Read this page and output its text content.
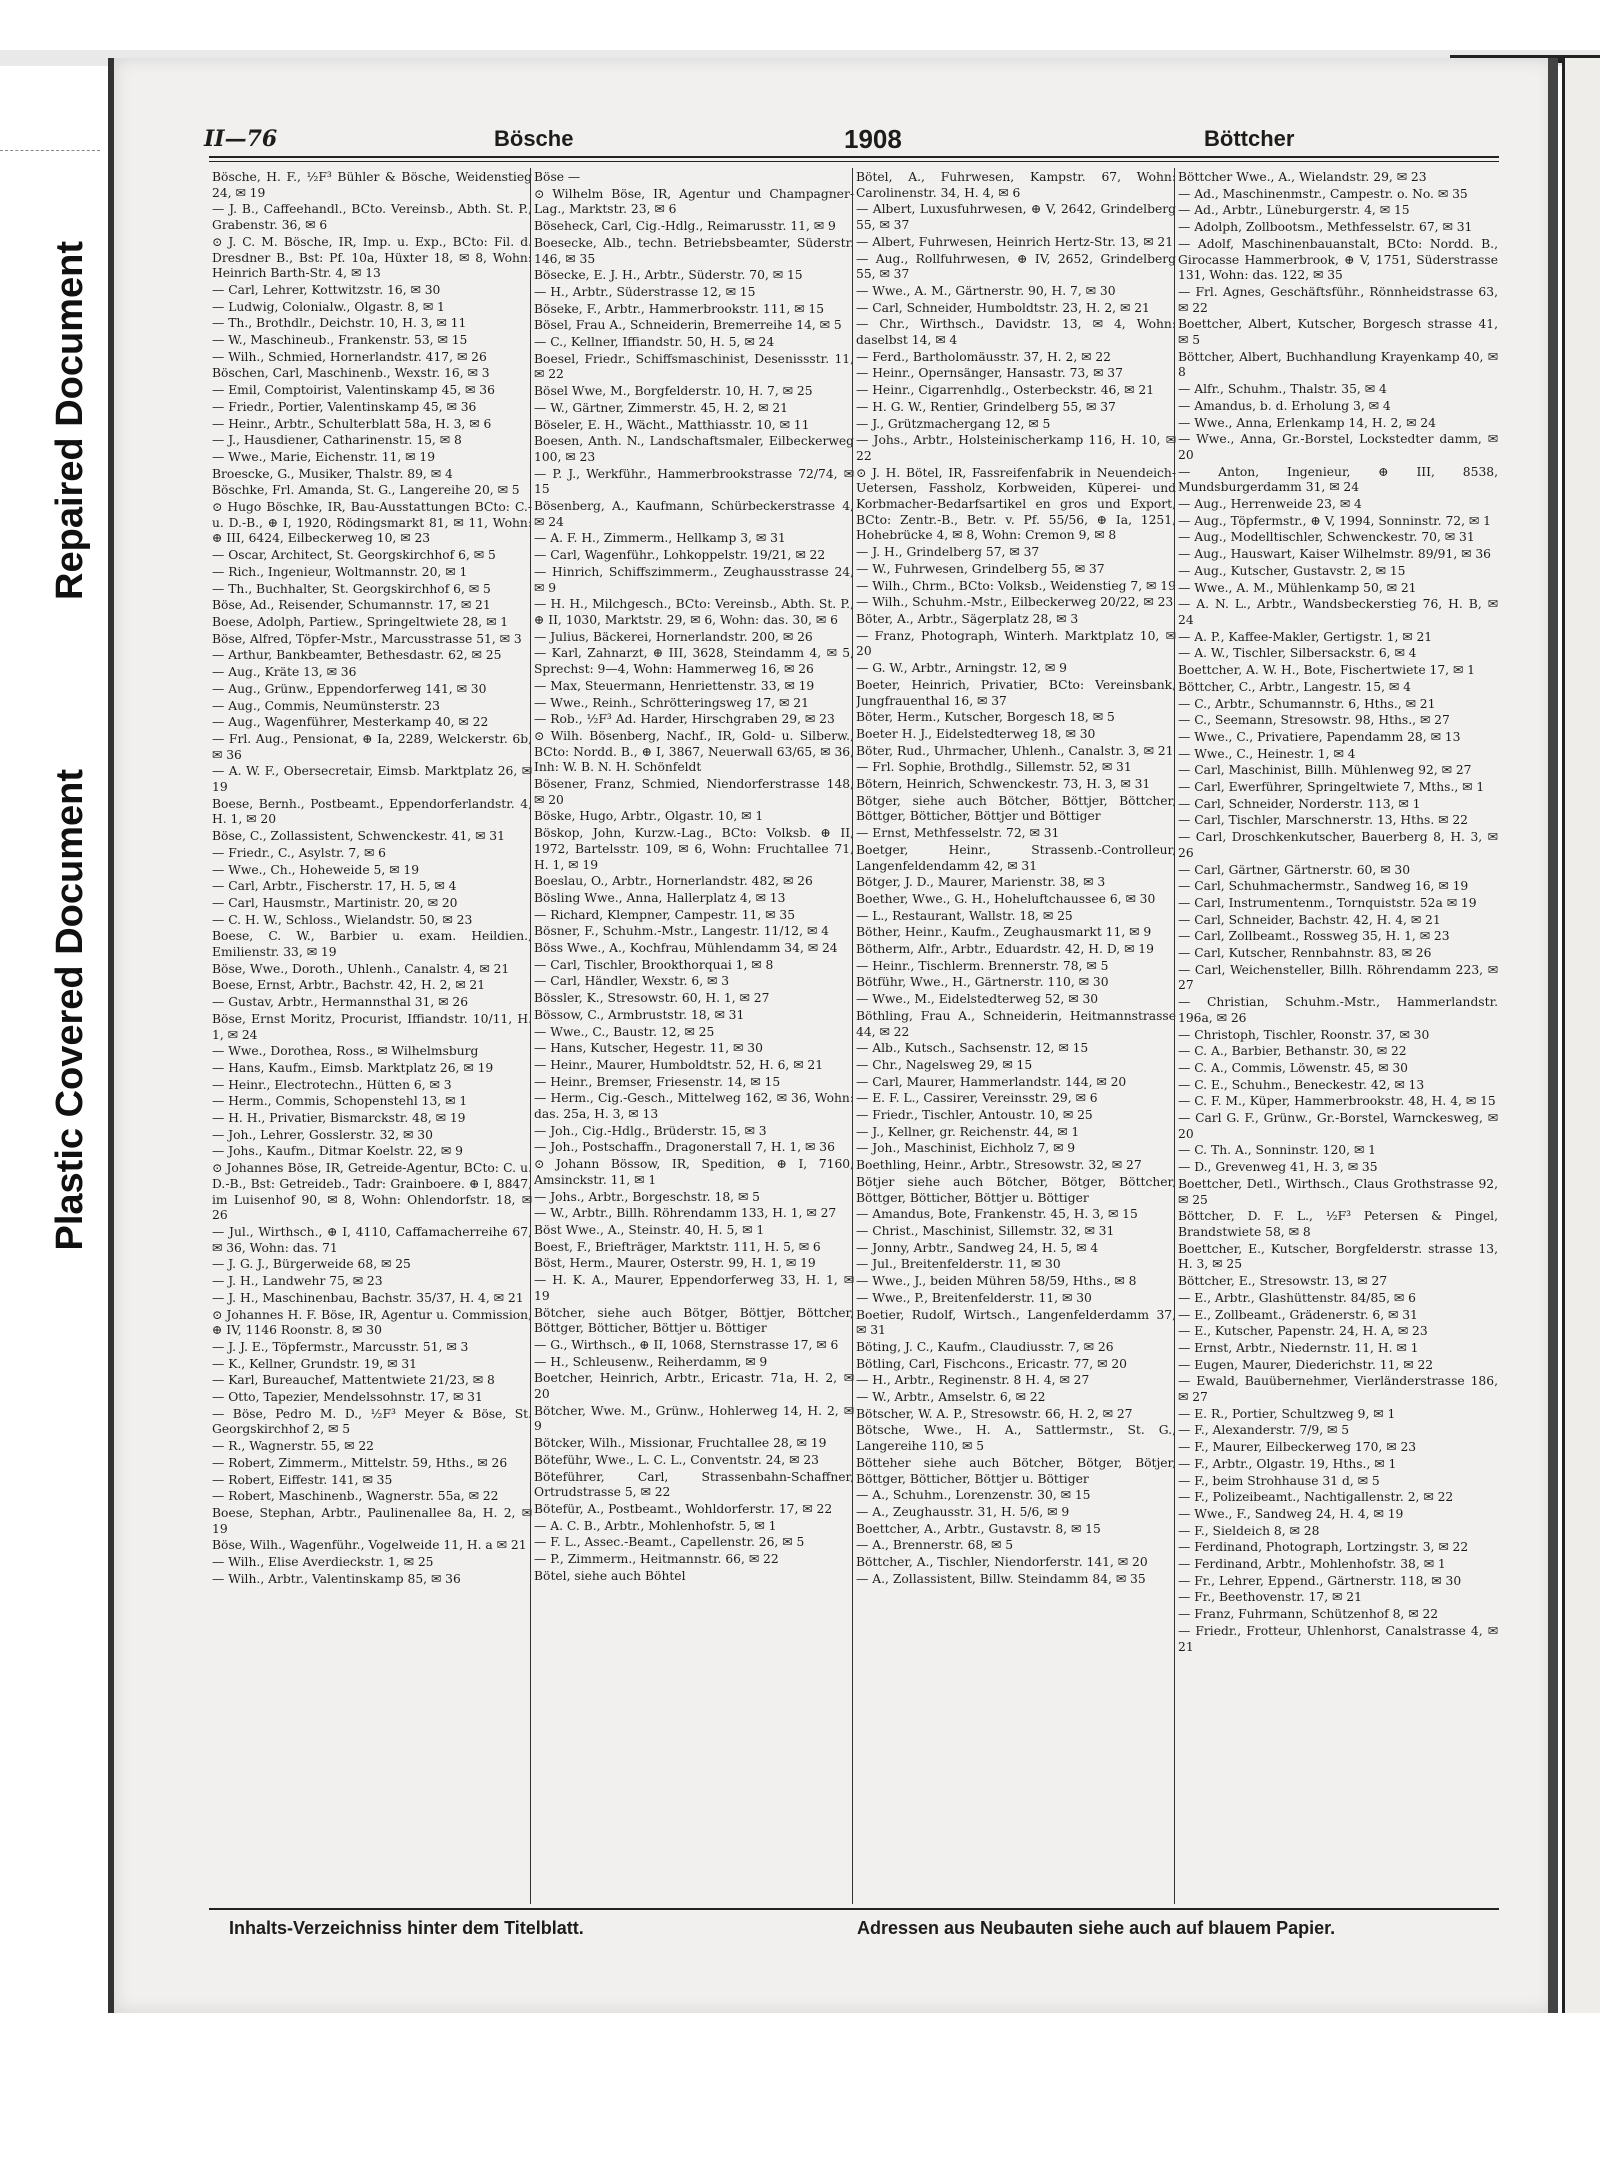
Repaired Document
Plastic Covered Document
II—76	Bösche	1908	Böttcher

Bösche, H. F., ½F³ Bühler & Bösche, Weidenstieg 24, ✉ 19

— J. B., Caffeehandl., BCto. Vereinsb., Abth. St. P., Grabenstr. 36, ✉ 6

⊙ J. C. M. Bösche, IR, Imp. u. Exp., BCto: Fil. d. Dresdner B., Bst: Pf. 10a, Hüxter 18, ✉ 8, Wohn: Heinrich Barth-Str. 4, ✉ 13

— Carl, Lehrer, Kottwitzstr. 16, ✉ 30

— Ludwig, Colonialw., Olgastr. 8, ✉ 1

— Th., Brothdlr., Deichstr. 10, H. 3, ✉ 11

— W., Maschineub., Frankenstr. 53, ✉ 15

— Wilh., Schmied, Hornerlandstr. 417, ✉ 26

Böschen, Carl, Maschinenb., Wexstr. 16, ✉ 3

— Emil, Comptoirist, Valentinskamp 45, ✉ 36

— Friedr., Portier, Valentinskamp 45, ✉ 36

— Heinr., Arbtr., Schulterblatt 58a, H. 3, ✉ 6

— J., Hausdiener, Catharinenstr. 15, ✉ 8

— Wwe., Marie, Eichenstr. 11, ✉ 19

Broescke, G., Musiker, Thalstr. 89, ✉ 4

Böschke, Frl. Amanda, St. G., Langereihe 20, ✉ 5

⊙ Hugo Böschke, IR, Bau-Ausstattungen BCto: C.-u. D.-B., ⊕ I, 1920, Rödingsmarkt 81, ✉ 11, Wohn: ⊕ III, 6424, Eilbeckerweg 10, ✉ 23

— Oscar, Architect, St. Georgskirchhof 6, ✉ 5

— Rich., Ingenieur, Woltmannstr. 20, ✉ 1

— Th., Buchhalter, St. Georgskirchhof 6, ✉ 5

Böse, Ad., Reisender, Schumannstr. 17, ✉ 21

Boese, Adolph, Partiew., Springeltwiete 28, ✉ 1

Böse, Alfred, Töpfer-Mstr., Marcusstrasse 51, ✉ 3

— Arthur, Bankbeamter, Bethesdastr. 62, ✉ 25

— Aug., Kräte 13, ✉ 36

— Aug., Grünw., Eppendorferweg 141, ✉ 30

— Aug., Commis, Neumünsterstr. 23

— Aug., Wagenführer, Mesterkamp 40, ✉ 22

— Frl. Aug., Pensionat, ⊕ Ia, 2289, Welckerstr. 6b, ✉ 36

— A. W. F., Obersecretair, Eimsb. Marktplatz 26, ✉ 19

Boese, Bernh., Postbeamt., Eppendorferlandstr. 4, H. 1, ✉ 20

Böse, C., Zollassistent, Schwenckestr. 41, ✉ 31

— Friedr., C., Asylstr. 7, ✉ 6

— Wwe., Ch., Hoheweide 5, ✉ 19

— Carl, Arbtr., Fischerstr. 17, H. 5, ✉ 4

— Carl, Hausmstr., Martinistr. 20, ✉ 20

— C. H. W., Schloss., Wielandstr. 50, ✉ 23

Boese, C. W., Barbier u. exam. Heildien., Emilienstr. 33, ✉ 19

Böse, Wwe., Doroth., Uhlenh., Canalstr. 4, ✉ 21

Boese, Ernst, Arbtr., Bachstr. 42, H. 2, ✉ 21

— Gustav, Arbtr., Hermannsthal 31, ✉ 26

Böse, Ernst Moritz, Procurist, Iffiandstr. 10/11, H. 1, ✉ 24

— Wwe., Dorothea, Ross., ✉ Wilhelmsburg

— Hans, Kaufm., Eimsb. Marktplatz 26, ✉ 19

— Heinr., Electrotechn., Hütten 6, ✉ 3

— Herm., Commis, Schopenstehl 13, ✉ 1

— H. H., Privatier, Bismarckstr. 48, ✉ 19

— Joh., Lehrer, Gosslerstr. 32, ✉ 30

— Johs., Kaufm., Ditmar Koelstr. 22, ✉ 9

⊙ Johannes Böse, IR, Getreide-Agentur, BCto: C. u. D.-B., Bst: Getreideb., Tadr: Grainboere. ⊕ I, 8847, im Luisenhof 90, ✉ 8, Wohn: Ohlendorfstr. 18, ✉ 26

— Jul., Wirthsch., ⊕ I, 4110, Caffamacherreihe 67, ✉ 36, Wohn: das. 71

— J. G. J., Bürgerweide 68, ✉ 25

— J. H., Landwehr 75, ✉ 23

— J. H., Maschinenbau, Bachstr. 35/37, H. 4, ✉ 21

⊙ Johannes H. F. Böse, IR, Agentur u. Commission, ⊕ IV, 1146 Roonstr. 8, ✉ 30

— J. J. E., Töpfermstr., Marcusstr. 51, ✉ 3

— K., Kellner, Grundstr. 19, ✉ 31

— Karl, Bureauchef, Mattentwiete 21/23, ✉ 8

— Otto, Tapezier, Mendelssohnstr. 17, ✉ 31

— Böse, Pedro M. D., ½F³ Meyer & Böse, St. Georgskirchhof 2, ✉ 5

— R., Wagnerstr. 55, ✉ 22

— Robert, Zimmerm., Mittelstr. 59, Hths., ✉ 26

— Robert, Eiffestr. 141, ✉ 35

— Robert, Maschinenb., Wagnerstr. 55a, ✉ 22

Boese, Stephan, Arbtr., Paulinenallee 8a, H. 2, ✉ 19

Böse, Wilh., Wagenführ., Vogelweide 11, H. a ✉ 21

— Wilh., Elise Averdieckstr. 1, ✉ 25

— Wilh., Arbtr., Valentinskamp 85, ✉ 36

Böse —

⊙ Wilhelm Böse, IR, Agentur und Champagner-Lag., Marktstr. 23, ✉ 6

Böseheck, Carl, Cig.-Hdlg., Reimarusstr. 11, ✉ 9

Boesecke, Alb., techn. Betriebsbeamter, Süderstr. 146, ✉ 35

Bösecke, E. J. H., Arbtr., Süderstr. 70, ✉ 15

— H., Arbtr., Süderstrasse 12, ✉ 15

Böseke, F., Arbtr., Hammerbrookstr. 111, ✉ 15

Bösel, Frau A., Schneiderin, Bremerreihe 14, ✉ 5

— C., Kellner, Iffiandstr. 50, H. 5, ✉ 24

Boesel, Friedr., Schiffsmaschinist, Desenissstr. 11, ✉ 22

Bösel Wwe, M., Borgfelderstr. 10, H. 7, ✉ 25

— W., Gärtner, Zimmerstr. 45, H. 2, ✉ 21

Böseler, E. H., Wächt., Matthiasstr. 10, ✉ 11

Boesen, Anth. N., Landschaftsmaler, Eilbeckerweg 100, ✉ 23

— P. J., Werkführ., Hammerbrookstrasse 72/74, ✉ 15

Bösenberg, A., Kaufmann, Schürbeckerstrasse 4, ✉ 24

— A. F. H., Zimmerm., Hellkamp 3, ✉ 31

— Carl, Wagenführ., Lohkoppelstr. 19/21, ✉ 22

— Hinrich, Schiffszimmerm., Zeughausstrasse 24, ✉ 9

— H. H., Milchgesch., BCto: Vereinsb., Abth. St. P., ⊕ II, 1030, Marktstr. 29, ✉ 6, Wohn: das. 30, ✉ 6

— Julius, Bäckerei, Hornerlandstr. 200, ✉ 26

— Karl, Zahnarzt, ⊕ III, 3628, Steindamm 4, ✉ 5, Sprechst: 9—4, Wohn: Hammerweg 16, ✉ 26

— Max, Steuermann, Henriettenstr. 33, ✉ 19

— Wwe., Reinh., Schrötteringsweg 17, ✉ 21

— Rob., ½F³ Ad. Harder, Hirschgraben 29, ✉ 23

⊙ Wilh. Bösenberg, Nachf., IR, Gold- u. Silberw., BCto: Nordd. B., ⊕ I, 3867, Neuerwall 63/65, ✉ 36, Inh: W. B. N. H. Schönfeldt

Bösener, Franz, Schmied, Niendorferstrasse 148, ✉ 20

Böske, Hugo, Arbtr., Olgastr. 10, ✉ 1

Böskop, John, Kurzw.-Lag., BCto: Volksb. ⊕ II, 1972, Bartelsstr. 109, ✉ 6, Wohn: Fruchtallee 71, H. 1, ✉ 19

Boeslau, O., Arbtr., Hornerlandstr. 482, ✉ 26

Bösling Wwe., Anna, Hallerplatz 4, ✉ 13

— Richard, Klempner, Campestr. 11, ✉ 35

Bösner, F., Schuhm.-Mstr., Langestr. 11/12, ✉ 4

Böss Wwe., A., Kochfrau, Mühlendamm 34, ✉ 24

— Carl, Tischler, Brookthorquai 1, ✉ 8

— Carl, Händler, Wexstr. 6, ✉ 3

Bössler, K., Stresowstr. 60, H. 1, ✉ 27

Bössow, C., Armbruststr. 18, ✉ 31

— Wwe., C., Baustr. 12, ✉ 25

— Hans, Kutscher, Hegestr. 11, ✉ 30

— Heinr., Maurer, Humboldtstr. 52, H. 6, ✉ 21

— Heinr., Bremser, Friesenstr. 14, ✉ 15

— Herm., Cig.-Gesch., Mittelweg 162, ✉ 36, Wohn: das. 25a, H. 3, ✉ 13

— Joh., Cig.-Hdlg., Brüderstr. 15, ✉ 3

— Joh., Postschaffn., Dragonerstall 7, H. 1, ✉ 36

⊙ Johann Bössow, IR, Spedition, ⊕ I, 7160, Amsinckstr. 11, ✉ 1

— Johs., Arbtr., Borgeschstr. 18, ✉ 5

— W., Arbtr., Billh. Röhrendamm 133, H. 1, ✉ 27

Böst Wwe., A., Steinstr. 40, H. 5, ✉ 1

Boest, F., Briefträger, Marktstr. 111, H. 5, ✉ 6

Böst, Herm., Maurer, Osterstr. 99, H. 1, ✉ 19

— H. K. A., Maurer, Eppendorferweg 33, H. 1, ✉ 19

Bötcher, siehe auch Bötger, Böttjer, Böttcher, Böttger, Bötticher, Böttjer u. Böttiger

— G., Wirthsch., ⊕ II, 1068, Sternstrasse 17, ✉ 6

— H., Schleusenw., Reiherdamm, ✉ 9

Boetcher, Heinrich, Arbtr., Ericastr. 71a, H. 2, ✉ 20

Bötcher, Wwe. M., Grünw., Hohlerweg 14, H. 2, ✉ 9

Bötcker, Wilh., Missionar, Fruchtallee 28, ✉ 19

Böteführ, Wwe., L. C. L., Conventstr. 24, ✉ 23

Böteführer, Carl, Strassenbahn-Schaffner, Ortrudstrasse 5, ✉ 22

Bötefür, A., Postbeamt., Wohldorferstr. 17, ✉ 22

— A. C. B., Arbtr., Mohlenhofstr. 5, ✉ 1

— F. L., Assec.-Beamt., Capellenstr. 26, ✉ 5

— P., Zimmerm., Heitmannstr. 66, ✉ 22

Bötel, siehe auch Böhtel

Bötel, A., Fuhrwesen, Kampstr. 67, Wohn: Carolinenstr. 34, H. 4, ✉ 6

— Albert, Luxusfuhrwesen, ⊕ V, 2642, Grindelberg 55, ✉ 37

— Albert, Fuhrwesen, Heinrich Hertz-Str. 13, ✉ 21

— Aug., Rollfuhrwesen, ⊕ IV, 2652, Grindelberg 55, ✉ 37

— Wwe., A. M., Gärtnerstr. 90, H. 7, ✉ 30

— Carl, Schneider, Humboldtstr. 23, H. 2, ✉ 21

— Chr., Wirthsch., Davidstr. 13, ✉ 4, Wohn: daselbst 14, ✉ 4

— Ferd., Bartholomäusstr. 37, H. 2, ✉ 22

— Heinr., Opernsänger, Hansastr. 73, ✉ 37

— Heinr., Cigarrenhdlg., Osterbeckstr. 46, ✉ 21

— H. G. W., Rentier, Grindelberg 55, ✉ 37

— J., Grützmachergang 12, ✉ 5

— Johs., Arbtr., Holsteinischerkamp 116, H. 10, ✉ 22

⊙ J. H. Bötel, IR, Fassreifenfabrik in Neuendeich-Uetersen, Fassholz, Korbweiden, Küperei- und Korbmacher-Bedarfsartikel en gros und Export, BCto: Zentr.-B., Betr. v. Pf. 55/56, ⊕ Ia, 1251, Hohebrücke 4, ✉ 8, Wohn: Cremon 9, ✉ 8

— J. H., Grindelberg 57, ✉ 37

— W., Fuhrwesen, Grindelberg 55, ✉ 37

— Wilh., Chrm., BCto: Volksb., Weidenstieg 7, ✉ 19

— Wilh., Schuhm.-Mstr., Eilbeckerweg 20/22, ✉ 23

Böter, A., Arbtr., Sägerplatz 28, ✉ 3

— Franz, Photograph, Winterh. Marktplatz 10, ✉ 20

— G. W., Arbtr., Arningstr. 12, ✉ 9

Boeter, Heinrich, Privatier, BCto: Vereinsbank, Jungfrauenthal 16, ✉ 37

Böter, Herm., Kutscher, Borgesch 18, ✉ 5

Boeter H. J., Eidelstedterweg 18, ✉ 30

Böter, Rud., Uhrmacher, Uhlenh., Canalstr. 3, ✉ 21

— Frl. Sophie, Brothdlg., Sillemstr. 52, ✉ 31

Bötern, Heinrich, Schwenckestr. 73, H. 3, ✉ 31

Bötger, siehe auch Bötcher, Böttjer, Böttcher, Böttger, Bötticher, Böttjer und Böttiger

— Ernst, Methfesselstr. 72, ✉ 31

Boetger, Heinr., Strassenb.-Controlleur, Langenfeldendamm 42, ✉ 31

Bötger, J. D., Maurer, Marienstr. 38, ✉ 3

Boether, Wwe., G. H., Hoheluftchaussee 6, ✉ 30

— L., Restaurant, Wallstr. 18, ✉ 25

Böther, Heinr., Kaufm., Zeughausmarkt 11, ✉ 9

Bötherm, Alfr., Arbtr., Eduardstr. 42, H. D, ✉ 19

— Heinr., Tischlerm. Brennerstr. 78, ✉ 5

Bötführ, Wwe., H., Gärtnerstr. 110, ✉ 30

— Wwe., M., Eidelstedterweg 52, ✉ 30

Böthling, Frau A., Schneiderin, Heitmannstrasse 44, ✉ 22

— Alb., Kutsch., Sachsenstr. 12, ✉ 15

— Chr., Nagelsweg 29, ✉ 15

— Carl, Maurer, Hammerlandstr. 144, ✉ 20

— E. F. L., Cassirer, Vereinsstr. 29, ✉ 6

— Friedr., Tischler, Antoustr. 10, ✉ 25

— J., Kellner, gr. Reichenstr. 44, ✉ 1

— Joh., Maschinist, Eichholz 7, ✉ 9

Boethling, Heinr., Arbtr., Stresowstr. 32, ✉ 27

Bötjer siehe auch Bötcher, Bötger, Böttcher, Böttger, Bötticher, Böttjer u. Böttiger

— Amandus, Bote, Frankenstr. 45, H. 3, ✉ 15

— Christ., Maschinist, Sillemstr. 32, ✉ 31

— Jonny, Arbtr., Sandweg 24, H. 5, ✉ 4

— Jul., Breitenfelderstr. 11, ✉ 30

— Wwe., J., beiden Mühren 58/59, Hths., ✉ 8

— Wwe., P., Breitenfelderstr. 11, ✉ 30

Boetier, Rudolf, Wirtsch., Langenfelderdamm 37, ✉ 31

Böting, J. C., Kaufm., Claudiusstr. 7, ✉ 26

Bötling, Carl, Fischcons., Ericastr. 77, ✉ 20

— H., Arbtr., Reginenstr. 8 H. 4, ✉ 27

— W., Arbtr., Amselstr. 6, ✉ 22

Bötscher, W. A. P., Stresowstr. 66, H. 2, ✉ 27

Bötsche, Wwe., H. A., Sattlermstr., St. G., Langereihe 110, ✉ 5

Bötteher siehe auch Bötcher, Bötger, Bötjer, Böttger, Bötticher, Böttjer u. Böttiger

— A., Schuhm., Lorenzenstr. 30, ✉ 15

— A., Zeughausstr. 31, H. 5/6, ✉ 9

Boettcher, A., Arbtr., Gustavstr. 8, ✉ 15

— A., Brennerstr. 68, ✉ 5

Böttcher, A., Tischler, Niendorferstr. 141, ✉ 20

— A., Zollassistent, Billw. Steindamm 84, ✉ 35

Böttcher Wwe., A., Wielandstr. 29, ✉ 23

— Ad., Maschinenmstr., Campestr. o. No. ✉ 35

— Ad., Arbtr., Lüneburgerstr. 4, ✉ 15

— Adolph, Zollbootsm., Methfesselstr. 67, ✉ 31

— Adolf, Maschinenbauanstalt, BCto: Nordd. B., Girocasse Hammerbrook, ⊕ V, 1751, Süderstrasse 131, Wohn: das. 122, ✉ 35

— Frl. Agnes, Geschäftsführ., Rönnheidstrasse 63, ✉ 22

Boettcher, Albert, Kutscher, Borgesch strasse 41, ✉ 5

Böttcher, Albert, Buchhandlung Krayenkamp 40, ✉ 8

— Alfr., Schuhm., Thalstr. 35, ✉ 4

— Amandus, b. d. Erholung 3, ✉ 4

— Wwe., Anna, Erlenkamp 14, H. 2, ✉ 24

— Wwe., Anna, Gr.-Borstel, Lockstedter damm, ✉ 20

— Anton, Ingenieur, ⊕ III, 8538, Mundsburgerdamm 31, ✉ 24

— Aug., Herrenweide 23, ✉ 4

— Aug., Töpfermstr., ⊕ V, 1994, Sonninstr. 72, ✉ 1

— Aug., Modelltischler, Schwenckestr. 70, ✉ 31

— Aug., Hauswart, Kaiser Wilhelmstr. 89/91, ✉ 36

— Aug., Kutscher, Gustavstr. 2, ✉ 15

— Wwe., A. M., Mühlenkamp 50, ✉ 21

— A. N. L., Arbtr., Wandsbeckerstieg 76, H. B, ✉ 24

— A. P., Kaffee-Makler, Gertigstr. 1, ✉ 21

— A. W., Tischler, Silbersackstr. 6, ✉ 4

Boettcher, A. W. H., Bote, Fischertwiete 17, ✉ 1

Böttcher, C., Arbtr., Langestr. 15, ✉ 4

— C., Arbtr., Schumannstr. 6, Hths., ✉ 21

— C., Seemann, Stresowstr. 98, Hths., ✉ 27

— Wwe., C., Privatiere, Papendamm 28, ✉ 13

— Wwe., C., Heinestr. 1, ✉ 4

— Carl, Maschinist, Billh. Mühlenweg 92, ✉ 27

— Carl, Ewerführer, Springeltwiete 7, Mths., ✉ 1

— Carl, Schneider, Norderstr. 113, ✉ 1

— Carl, Tischler, Marschnerstr. 13, Hths. ✉ 22

— Carl, Droschkenkutscher, Bauerberg 8, H. 3, ✉ 26

— Carl, Gärtner, Gärtnerstr. 60, ✉ 30

— Carl, Schuhmachermstr., Sandweg 16, ✉ 19

— Carl, Instrumentenm., Tornquiststr. 52a ✉ 19

— Carl, Schneider, Bachstr. 42, H. 4, ✉ 21

— Carl, Zollbeamt., Rossweg 35, H. 1, ✉ 23

— Carl, Kutscher, Rennbahnstr. 83, ✉ 26

— Carl, Weichensteller, Billh. Röhrendamm 223, ✉ 27

— Christian, Schuhm.-Mstr., Hammerlandstr. 196a, ✉ 26

— Christoph, Tischler, Roonstr. 37, ✉ 30

— C. A., Barbier, Bethanstr. 30, ✉ 22

— C. A., Commis, Löwenstr. 45, ✉ 30

— C. E., Schuhm., Beneckestr. 42, ✉ 13

— C. F. M., Küper, Hammerbrookstr. 48, H. 4, ✉ 15

— Carl G. F., Grünw., Gr.-Borstel, Warnckesweg, ✉ 20

— C. Th. A., Sonninstr. 120, ✉ 1

— D., Grevenweg 41, H. 3, ✉ 35

Boettcher, Detl., Wirthsch., Claus Grothstrasse 92, ✉ 25

Böttcher, D. F. L., ½F³ Petersen & Pingel, Brandstwiete 58, ✉ 8

Boettcher, E., Kutscher, Borgfelderstr. strasse 13, H. 3, ✉ 25

Böttcher, E., Stresowstr. 13, ✉ 27

— E., Arbtr., Glashüttenstr. 84/85, ✉ 6

— E., Zollbeamt., Grädenerstr. 6, ✉ 31

— E., Kutscher, Papenstr. 24, H. A, ✉ 23

— Ernst, Arbtr., Niedernstr. 11, H. ✉ 1

— Eugen, Maurer, Diederichstr. 11, ✉ 22

— Ewald, Bauübernehmer, Vierländerstrasse 186, ✉ 27

— E. R., Portier, Schultzweg 9, ✉ 1

— F., Alexanderstr. 7/9, ✉ 5

— F., Maurer, Eilbeckerweg 170, ✉ 23

— F., Arbtr., Olgastr. 19, Hths., ✉ 1

— F., beim Strohhause 31 d, ✉ 5

— F., Polizeibeamt., Nachtigallenstr. 2, ✉ 22

— Wwe., F., Sandweg 24, H. 4, ✉ 19

— F., Sieldeich 8, ✉ 28

— Ferdinand, Photograph, Lortzingstr. 3, ✉ 22

— Ferdinand, Arbtr., Mohlenhofstr. 38, ✉ 1

— Fr., Lehrer, Eppend., Gärtnerstr. 118, ✉ 30

— Fr., Beethovenstr. 17, ✉ 21

— Franz, Fuhrmann, Schützenhof 8, ✉ 22

— Friedr., Frotteur, Uhlenhorst, Canalstrasse 4, ✉ 21

Inhalts-Verzeichniss hinter dem Titelblatt.	Adressen aus Neubauten siehe auch auf blauem Papier.
